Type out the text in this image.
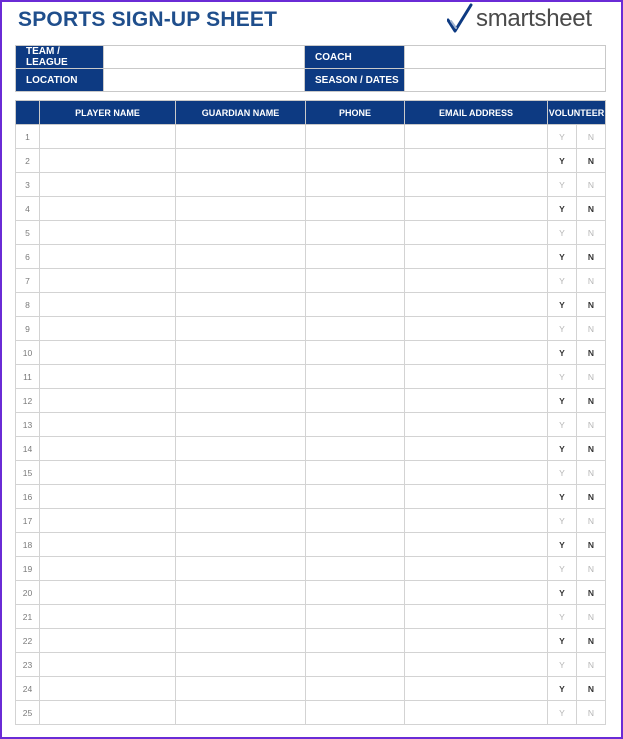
SPORTS SIGN-UP SHEET	smartsheet
TEAM / LEAGUE		COACH	
LOCATION		SEASON / DATES	
	PLAYER NAME	GUARDIAN NAME	PHONE	EMAIL ADDRESS	VOLUNTEER	
1					Y	N
2					Y	N
3					Y	N
4					Y	N
5					Y	N
6					Y	N
7					Y	N
8					Y	N
9					Y	N
10					Y	N
11					Y	N
12					Y	N
13					Y	N
14					Y	N
15					Y	N
16					Y	N
17					Y	N
18					Y	N
19					Y	N
20					Y	N
21					Y	N
22					Y	N
23					Y	N
24					Y	N
25					Y	N
